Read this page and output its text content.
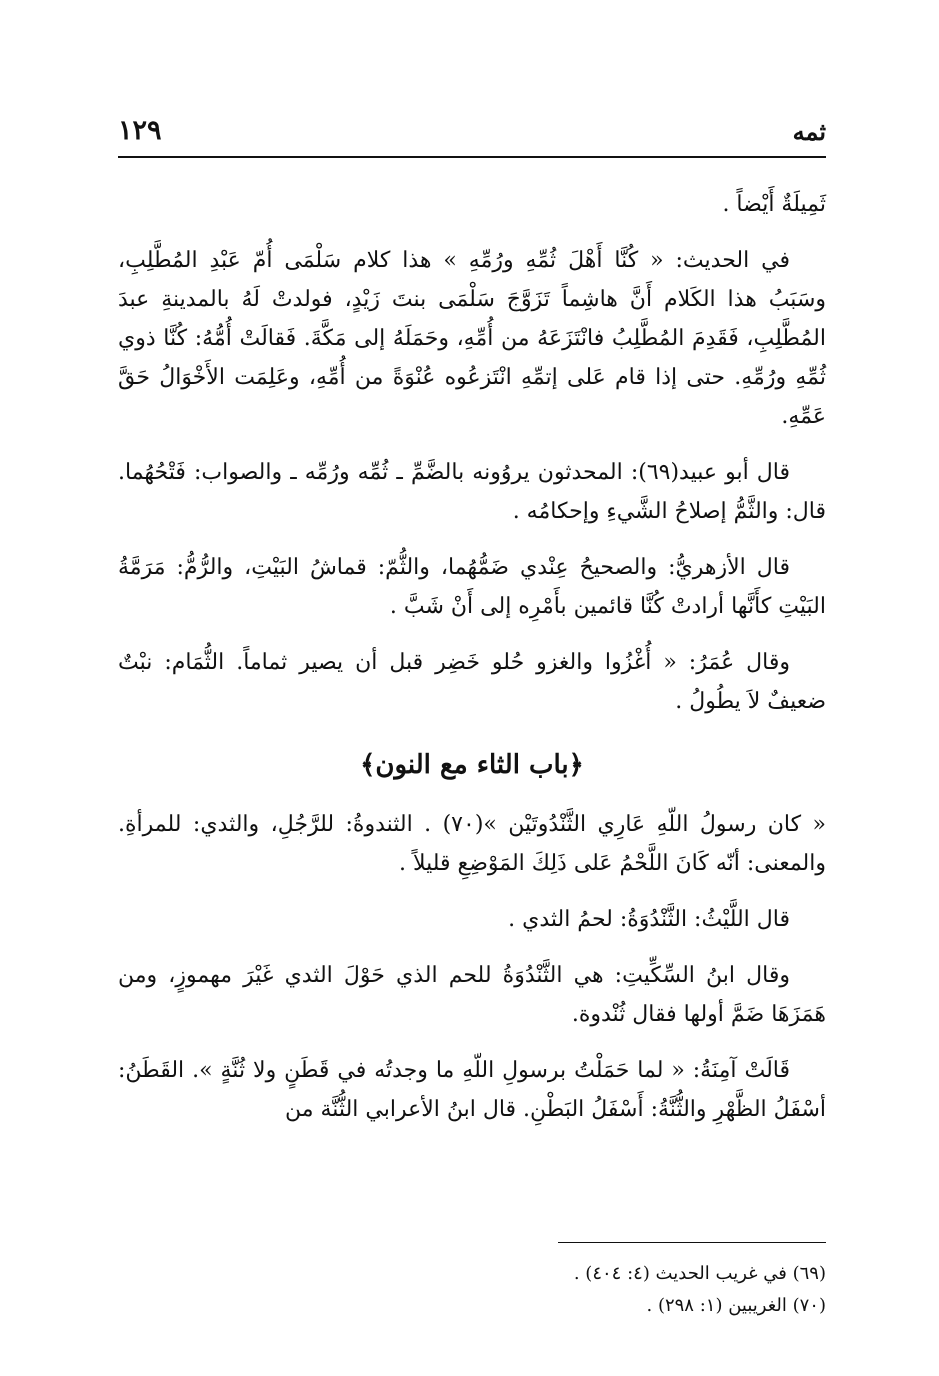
١٢٩	ثمه

ثَمِيلَةٌ أَيْضاً .

في الحديث: « كُنَّا أَهْلَ ثُمِّهِ ورُمِّهِ » هذا كلام سَلْمَى أُمّ عَبْدِ المُطَّلِبِ، وسَبَبُ هذا الكَلام أَنَّ هاشِماً تَزَوَّجَ سَلْمَى بنتَ زَيْدٍ، فولدتْ لَهُ بالمدينةِ عبدَ المُطَّلِبِ، فَقَدِمَ المُطَّلِبُ فانْتَزَعَهُ من أُمِّهِ، وحَمَلَهُ إلى مَكَّةَ. فَقالَتْ أُمُّهُ: كُنَّا ذوي ثُمِّهِ ورُمِّهِ. حتى إذا قام عَلى إتمِّهِ انْتَزعُوه عُنْوَةً من أُمِّهِ، وعَلِمَت الأَخْوَالُ حَقَّ عَمِّهِ.

قال أبو عبيد(٦٩): المحدثون يروُونه بالضَّمِّ ـ ثُمِّه ورُمِّه ـ والصواب: فَتْحُهُما. قال: والثَّمُّ إصلاحُ الشَّيءِ وإحكامُه .

قال الأزهريُّ: والصحيحُ عِنْدي ضَمُّهُما، والثُّمّ: قماشُ البَيْتِ، والرُّمُّ: مَرَمَّةُ البَيْتِ كأَنَّها أرادتْ كُنَّا قائمين بأَمْرِه إلى أَنْ شَبَّ .

وقال عُمَرُ: « أُغْزُوا والغزو حُلو خَضِر قبل أن يصير ثماماً. الثُّمَام: نبْتٌ ضعيفٌ لاَ يطُولُ .

﴿باب الثاء مع النون﴾

« كان رسولُ اللّهِ عَارِي الثَّنْدُوتَيْن »(٧٠) . الثندوةُ: للرَّجُلِ، والثدي: للمرأةِ. والمعنى: أنّه كَانَ اللَّحْمُ عَلى ذَلِكَ المَوْضِعِ قليلاً .

قال اللَّيْثُ: الثَّنْدُوَةُ: لحمُ الثدي .

وقال ابنُ السِّكِّيتِ: هي الثَّنْدُوَةُ للحم الذي حَوْلَ الثدي غَيْرَ مهموزٍ، ومن هَمَزَهَا ضَمَّ أولها فقال ثُنْدوة.

قَالَتْ آمِنَةُ: « لما حَمَلْتُ برسولِ اللّهِ ما وجدتُه في قَطَنٍ ولا ثُنَّةٍ ». القَطَنُ: أسْفَلُ الظَّهْرِ والثُّنَّةُ: أَسْفَلُ البَطْنِ. قال ابنُ الأعرابي الثُّنَّة من

(٦٩) في غريب الحديث (٤: ٤٠٤) .
(٧٠) الغريبين (١: ٢٩٨) .
